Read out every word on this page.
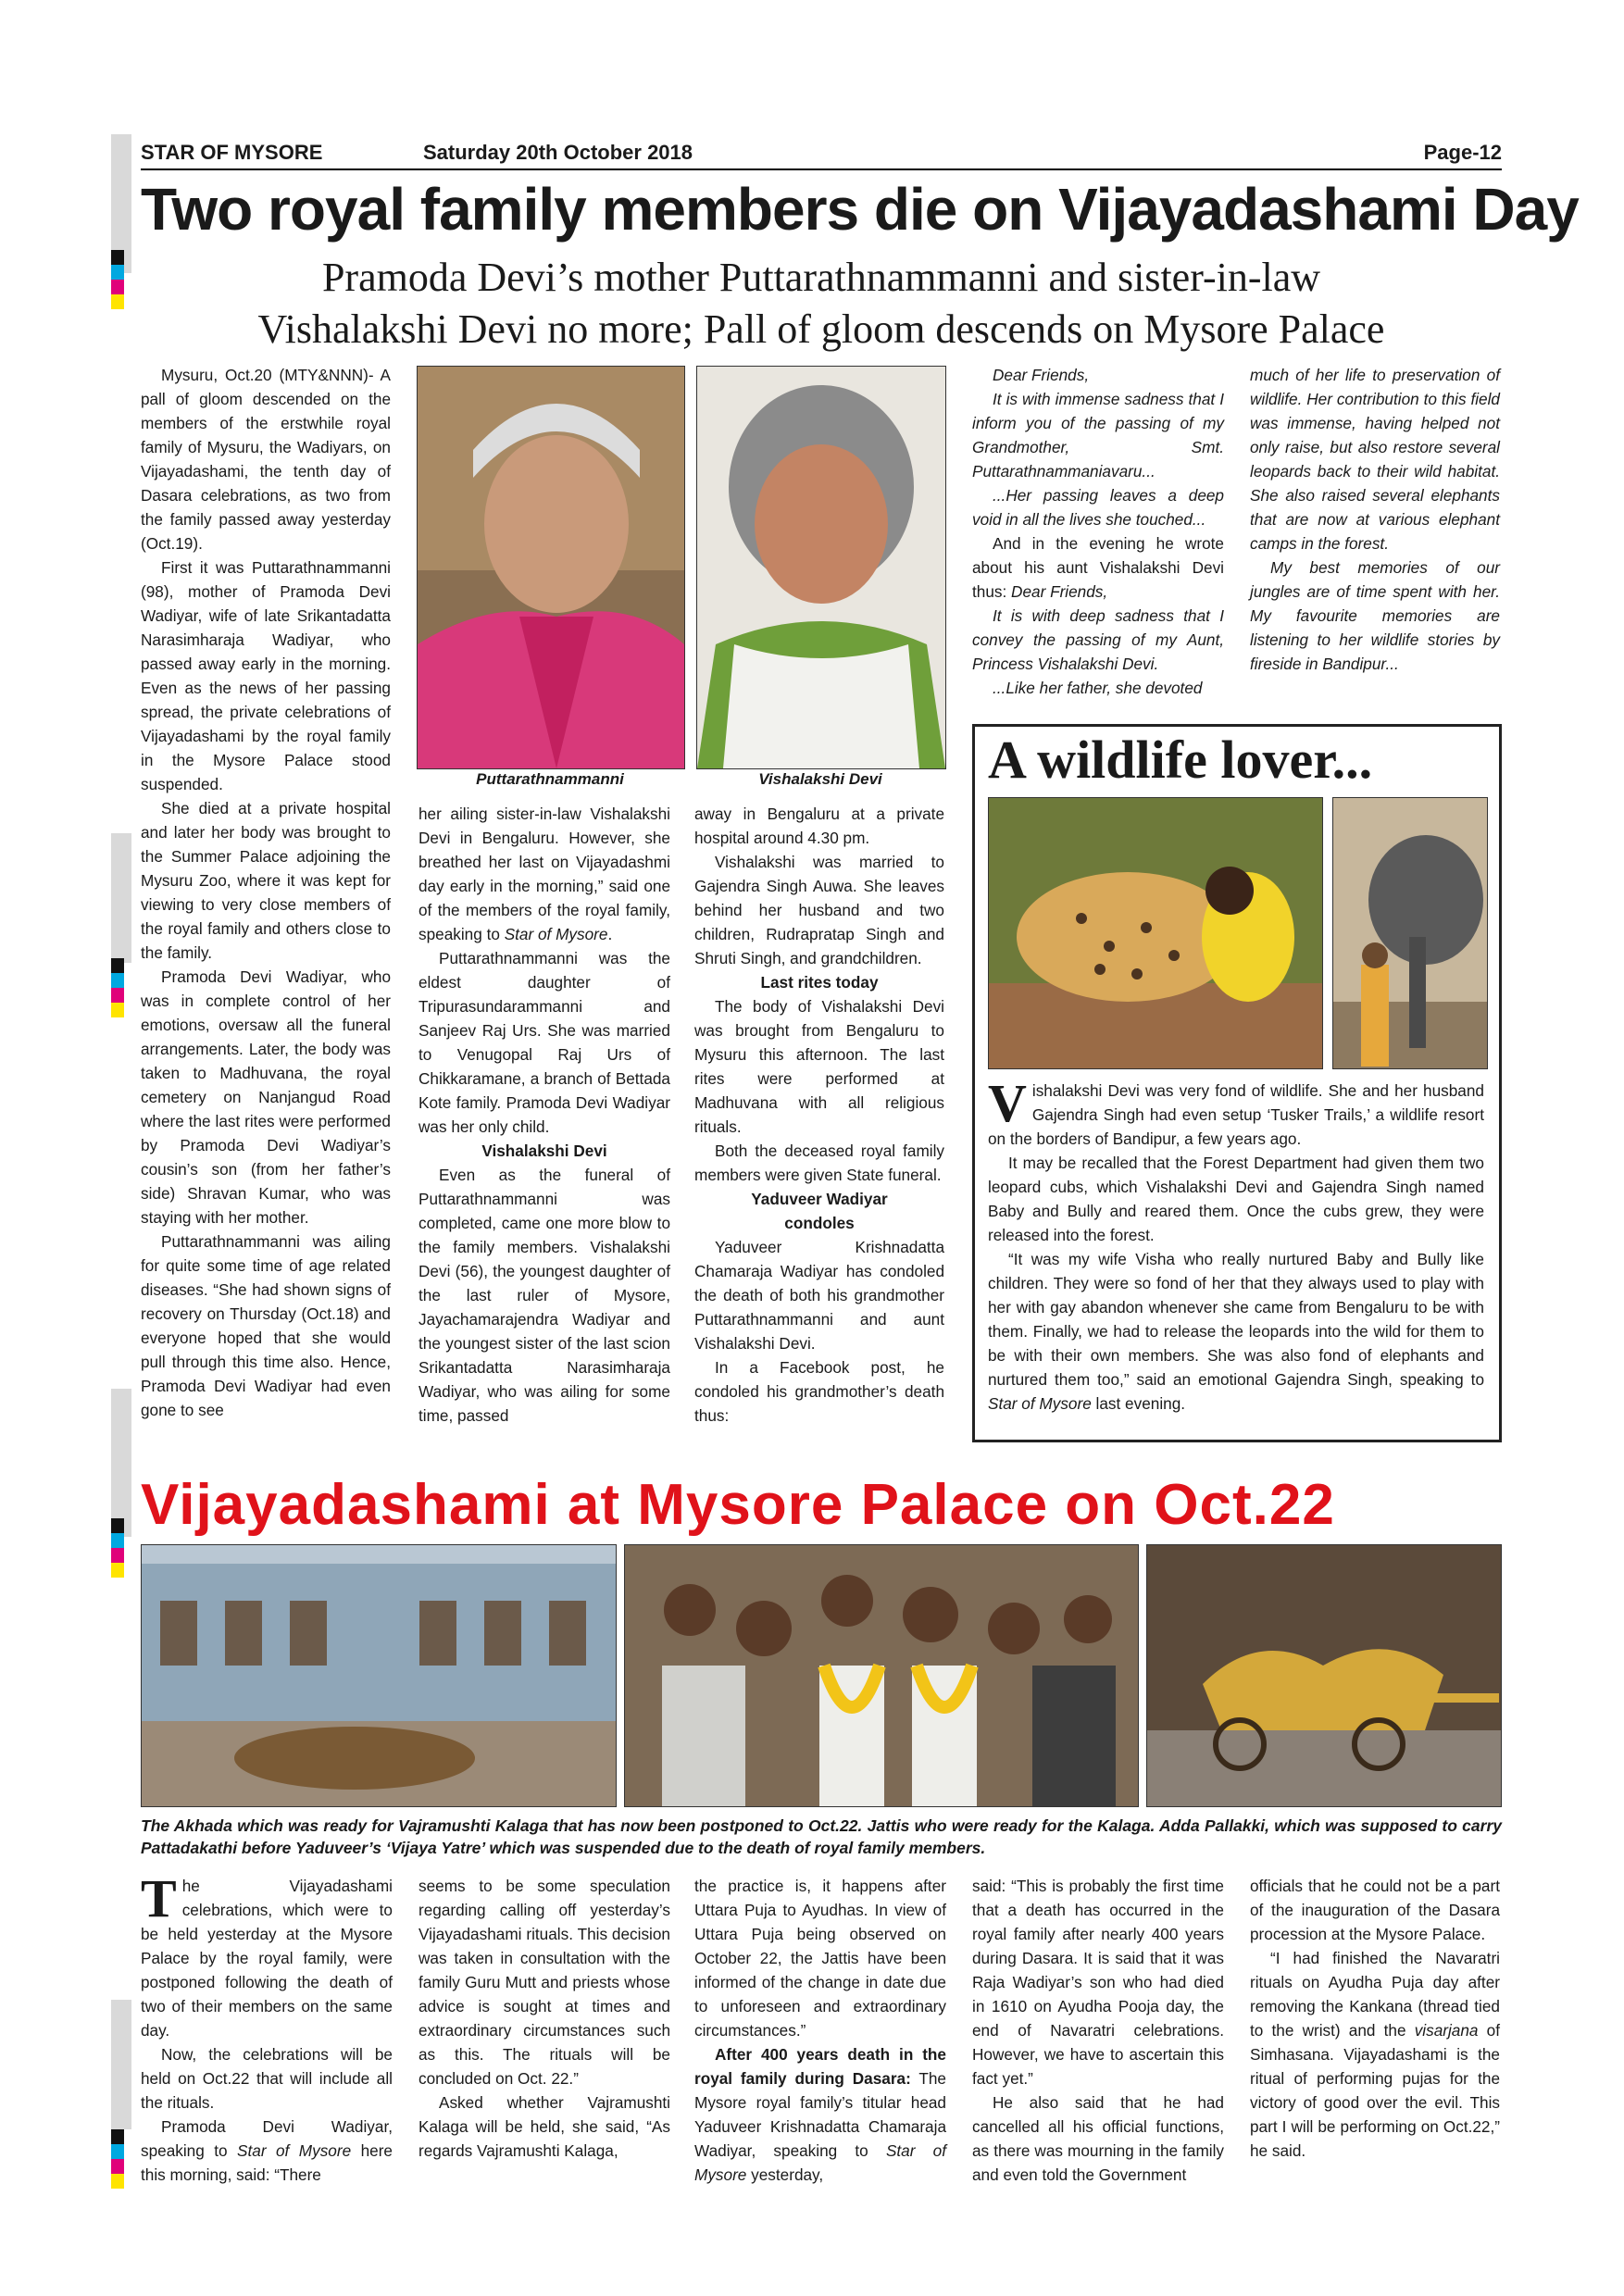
STAR OF MYSORE	Saturday 20th October 2018	Page-12
Two royal family members die on Vijayadashami Day
Pramoda Devi’s mother Puttarathnammanni and sister-in-law
Vishalakshi Devi no more; Pall of gloom descends on Mysore Palace

Mysuru, Oct.20 (MTY&NNN)- A pall of gloom descended on the members of the erstwhile royal family of Mysuru, the Wadiyars, on Vijayadashami, the tenth day of Dasara celebrations, as two from the family passed away yesterday (Oct.19).

First it was Puttarathnammanni (98), mother of Pramoda Devi Wadiyar, wife of late Srikantadatta Narasimharaja Wadiyar, who passed away early in the morning. Even as the news of her passing spread, the private celebrations of Vijayadashami by the royal family in the Mysore Palace stood suspended.

She died at a private hospital and later her body was brought to the Summer Palace adjoining the Mysuru Zoo, where it was kept for viewing to very close members of the royal family and others close to the family.

Pramoda Devi Wadiyar, who was in complete control of her emotions, oversaw all the funeral arrangements. Later, the body was taken to Madhuvana, the royal cemetery on Nanjangud Road where the last rites were performed by Pramoda Devi Wadiyar’s cousin’s son (from her father’s side) Shravan Kumar, who was staying with her mother.

Puttarathnammanni was ailing for quite some time of age related diseases. “She had shown signs of recovery on Thursday (Oct.18) and everyone hoped that she would pull through this time also. Hence, Pramoda Devi Wadiyar had even gone to see

Puttarathnammanni	Vishalakshi Devi

her ailing sister-in-law Vishalakshi Devi in Bengaluru. However, she breathed her last on Vijayadashmi day early in the morning,” said one of the members of the royal family, speaking to Star of Mysore.

Puttarathnammanni was the eldest daughter of Tripurasundarammanni and Sanjeev Raj Urs. She was married to Venugopal Raj Urs of Chikkaramane, a branch of Bettada Kote family. Pramoda Devi Wadiyar was her only child.

Vishalakshi Devi

Even as the funeral of Puttarathnammanni was completed, came one more blow to the family members. Vishalakshi Devi (56), the youngest daughter of the last ruler of Mysore, Jayachamarajendra Wadiyar and the youngest sister of the last scion Srikantadatta Narasimharaja Wadiyar, who was ailing for some time, passed

away in Bengaluru at a private hospital around 4.30 pm.

Vishalakshi was married to Gajendra Singh Auwa. She leaves behind her husband and two children, Rudrapratap Singh and Shruti Singh, and grandchildren.

Last rites today

The body of Vishalakshi Devi was brought from Bengaluru to Mysuru this afternoon. The last rites were performed at Madhuvana with all religious rituals.

Both the deceased royal family members were given State funeral.

Yaduveer Wadiyar
condoles

Yaduveer Krishnadatta Chamaraja Wadiyar has condoled the death of both his grandmother Puttarathnammanni and aunt Vishalakshi Devi.

In a Facebook post, he condoled his grandmother’s death thus:

Dear Friends,

It is with immense sadness that I inform you of the passing of my Grandmother, Smt. Puttarathnammaniavaru...

...Her passing leaves a deep void in all the lives she touched...

And in the evening he wrote about his aunt Vishalakshi Devi thus: Dear Friends,

It is with deep sadness that I convey the passing of my Aunt, Princess Vishalakshi Devi.

...Like her father, she devoted

much of her life to preservation of wildlife. Her contribution to this field was immense, having helped not only raise, but also restore several leopards back to their wild habitat. She also raised several elephants that are now at various elephant camps in the forest.

My best memories of our jungles are of time spent with her. My favourite memories are listening to her wildlife stories by fireside in Bandipur...

A wildlife lover...

Vishalakshi Devi was very fond of wildlife. She and her husband Gajendra Singh had even setup ‘Tusker Trails,’ a wildlife resort on the borders of Bandipur, a few years ago.

It may be recalled that the Forest Department had given them two leopard cubs, which Vishalakshi Devi and Gajendra Singh named Baby and Bully and reared them. Once the cubs grew, they were released into the forest.

“It was my wife Visha who really nurtured Baby and Bully like children. They were so fond of her that they always used to play with her with gay abandon whenever she came from Bengaluru to be with them. Finally, we had to release the leopards into the wild for them to be with their own members. She was also fond of elephants and nurtured them too,” said an emotional Gajendra Singh, speaking to Star of Mysore last evening.

Vijayadashami at Mysore Palace on Oct.22
The Akhada which was ready for Vajramushti Kalaga that has now been postponed to Oct.22. Jattis who were ready for the Kalaga. Adda Pallakki, which was supposed to carry Pattadakathi before Yaduveer’s ‘Vijaya Yatre’ which was suspended due to the death of royal family members.

The Vijayadashami celebrations, which were to be held yesterday at the Mysore Palace by the royal family, were postponed following the death of two of their members on the same day.

Now, the celebrations will be held on Oct.22 that will include all the rituals.

Pramoda Devi Wadiyar, speaking to Star of Mysore here this morning, said: “There

seems to be some speculation regarding calling off yesterday’s Vijayadashami rituals. This decision was taken in consultation with the family Guru Mutt and priests whose advice is sought at times and extraordinary circumstances such as this. The rituals will be concluded on Oct. 22.”

Asked whether Vajramushti Kalaga will be held, she said, “As regards Vajramushti Kalaga,

the practice is, it happens after Uttara Puja to Ayudhas. In view of Uttara Puja being observed on October 22, the Jattis have been informed of the change in date due to unforeseen and extraordinary circumstances.”

After 400 years death in the royal family during Dasara: The Mysore royal family’s titular head Yaduveer Krishnadatta Chamaraja Wadiyar, speaking to Star of Mysore yesterday,

said: “This is probably the first time that a death has occurred in the royal family after nearly 400 years during Dasara. It is said that it was Raja Wadiyar’s son who had died in 1610 on Ayudha Pooja day, the end of Navaratri celebrations. However, we have to ascertain this fact yet.”

He also said that he had cancelled all his official functions, as there was mourning in the family and even told the Government

officials that he could not be a part of the inauguration of the Dasara procession at the Mysore Palace.

“I had finished the Navaratri rituals on Ayudha Puja day after removing the Kankana (thread tied to the wrist) and the visarjana of Simhasana. Vijayadashami is the ritual of performing pujas for the victory of good over the evil. This part I will be performing on Oct.22,” he said.
